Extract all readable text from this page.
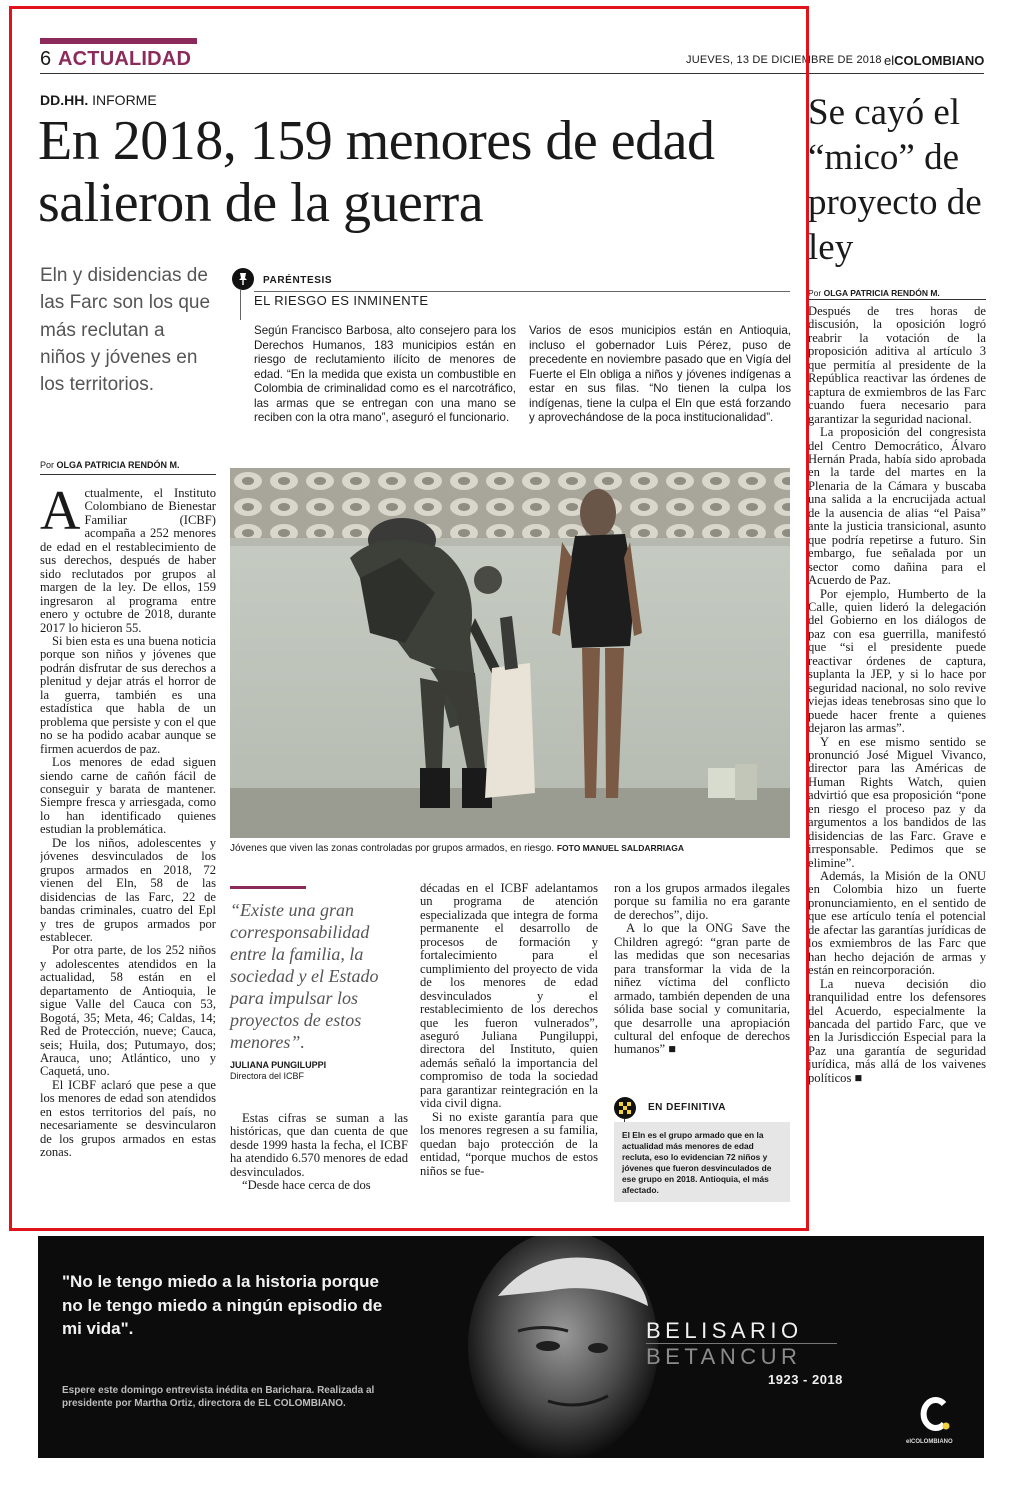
6 ACTUALIDAD	JUEVES, 13 DE DICIEMBRE DE 2018 elCOLOMBIANO
DD.HH. INFORME
En 2018, 159 menores de edad salieron de la guerra
Eln y disidencias de las Farc son los que más reclutan a niños y jóvenes en los territorios.
Por OLGA PATRICIA RENDÓN M.
PARÉNTESIS
EL RIESGO ES INMINENTE
Según Francisco Barbosa, alto consejero para los Derechos Humanos, 183 municipios están en riesgo de reclutamiento ilícito de menores de edad. “En la medida que exista un combustible en Colombia de criminalidad como es el narcotráfico, las armas que se entregan con una mano se reciben con la otra mano”, aseguró el funcionario.
Varios de esos municipios están en Antioquia, incluso el gobernador Luis Pérez, puso de precedente en noviembre pasado que en Vigía del Fuerte el Eln obliga a niños y jóvenes indígenas a estar en sus filas. “No tienen la culpa los indígenas, tiene la culpa el Eln que está forzando y aprovechándose de la poca institucionalidad”.
A ctualmente, el Instituto Colombiano de Bienestar Familiar (ICBF) acompaña a 252 menores de edad en el restablecimiento de sus derechos, después de haber sido reclutados por grupos al margen de la ley. De ellos, 159 ingresaron al programa entre enero y octubre de 2018, durante 2017 lo hicieron 55.

Si bien esta es una buena noticia porque son niños y jóvenes que podrán disfrutar de sus derechos a plenitud y dejar atrás el horror de la guerra, también es una estadística que habla de un problema que persiste y con el que no se ha podido acabar aunque se firmen acuerdos de paz.

Los menores de edad siguen siendo carne de cañón fácil de conseguir y barata de mantener. Siempre fresca y arriesgada, como lo han identificado quienes estudian la problemática.

De los niños, adolescentes y jóvenes desvinculados de los grupos armados en 2018, 72 vienen del Eln, 58 de las disidencias de las Farc, 22 de bandas criminales, cuatro del Epl y tres de grupos armados por establecer.

Por otra parte, de los 252 niños y adolescentes atendidos en la actualidad, 58 están en el departamento de Antioquia, le sigue Valle del Cauca con 53, Bogotá, 35; Meta, 46; Caldas, 14; Red de Protección, nueve; Cauca, seis; Huila, dos; Putumayo, dos; Arauca, uno; Atlántico, uno y Caquetá, uno.

El ICBF aclaró que pese a que los menores de edad son atendidos en estos territorios del país, no necesariamente se desvincularon de los grupos armados en estas zonas.

Jóvenes que viven las zonas controladas por grupos armados, en riesgo. FOTO MANUEL SALDARRIAGA
“Existe una gran corresponsabilidad entre la familia, la sociedad y el Estado para impulsar los proyectos de estos menores”.
JULIANA PUNGILUPPI
Directora del ICBF

Estas cifras se suman a las históricas, que dan cuenta de que desde 1999 hasta la fecha, el ICBF ha atendido 6.570 menores de edad desvinculados.

“Desde hace cerca de dos

décadas en el ICBF adelantamos un programa de atención especializada que integra de forma permanente el desarrollo de procesos de formación y fortalecimiento para el cumplimiento del proyecto de vida de los menores de edad desvinculados y el restablecimiento de los derechos que les fueron vulnerados”, aseguró Juliana Pungiluppi, directora del Instituto, quien además señaló la importancia del compromiso de toda la sociedad para garantizar reintegración en la vida civil digna.

Si no existe garantía para que los menores regresen a su familia, quedan bajo protección de la entidad, “porque muchos de estos niños se fue-

ron a los grupos armados ilegales porque su familia no era garante de derechos”, dijo.

A lo que la ONG Save the Children agregó: “gran parte de las medidas que son necesarias para transformar la vida de la niñez víctima del conflicto armado, también dependen de una sólida base social y comunitaria, que desarrolle una apropiación cultural del enfoque de derechos humanos” ■

EN DEFINITIVA
El Eln es el grupo armado que en la actualidad más menores de edad recluta, eso lo evidencian 72 niños y jóvenes que fueron desvinculados de ese grupo en 2018. Antioquia, el más afectado.
Se cayó el “mico” de proyecto de ley
Por OLGA PATRICIA RENDÓN M.

Después de tres horas de discusión, la oposición logró reabrir la votación de la proposición aditiva al artículo 3 que permitía al presidente de la República reactivar las órdenes de captura de exmiembros de las Farc cuando fuera necesario para garantizar la seguridad nacional.

La proposición del congresista del Centro Democrático, Álvaro Hernán Prada, había sido aprobada en la tarde del martes en la Plenaria de la Cámara y buscaba una salida a la encrucijada actual de la ausencia de alias “el Paisa” ante la justicia transicional, asunto que podría repetirse a futuro. Sin embargo, fue señalada por un sector como dañina para el Acuerdo de Paz.

Por ejemplo, Humberto de la Calle, quien lideró la delegación del Gobierno en los diálogos de paz con esa guerrilla, manifestó que “si el presidente puede reactivar órdenes de captura, suplanta la JEP, y si lo hace por seguridad nacional, no solo revive viejas ideas tenebrosas sino que lo puede hacer frente a quienes dejaron las armas”.

Y en ese mismo sentido se pronunció José Miguel Vivanco, director para las Américas de Human Rights Watch, quien advirtió que esa proposición “pone en riesgo el proceso paz y da argumentos a los bandidos de las disidencias de las Farc. Grave e irresponsable. Pedimos que se elimine”.

Además, la Misión de la ONU en Colombia hizo un fuerte pronunciamiento, en el sentido de que ese artículo tenía el potencial de afectar las garantías jurídicas de los exmiembros de las Farc que han hecho dejación de armas y están en reincorporación.

La nueva decisión dio tranquilidad entre los defensores del Acuerdo, especialmente la bancada del partido Farc, que ve en la Jurisdicción Especial para la Paz una garantía de seguridad jurídica, más allá de los vaivenes políticos ■

"No le tengo miedo a la historia porque no le tengo miedo a ningún episodio de mi vida".
Espere este domingo entrevista inédita en Barichara. Realizada al presidente por Martha Ortiz, directora de EL COLOMBIANO.
BELISARIO
BETANCUR
1923 - 2018
elCOLOMBIANO
